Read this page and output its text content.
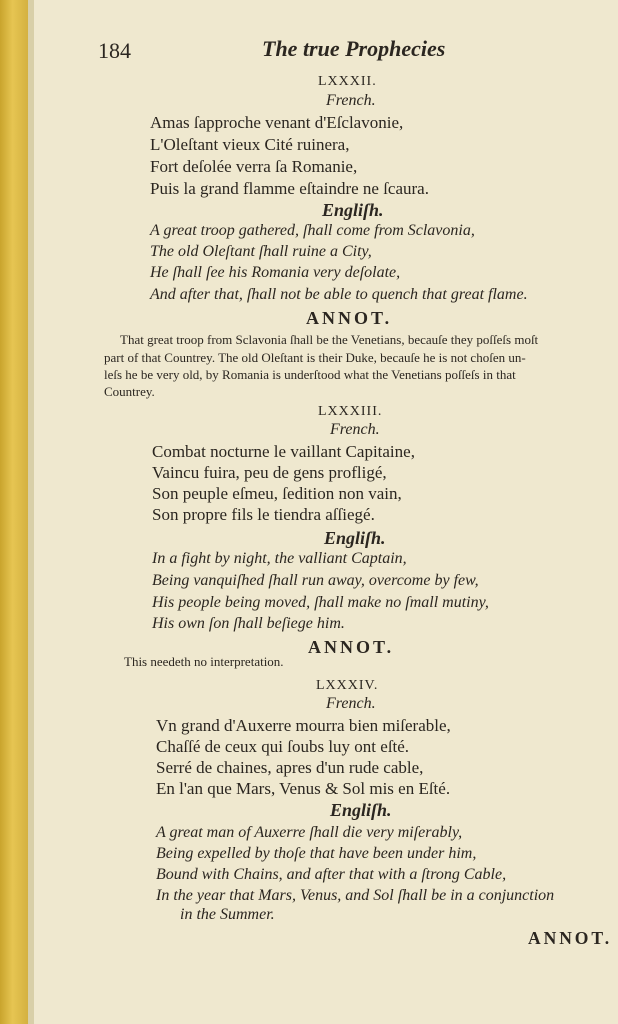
184	The true Prophecies
LXXXII.
French.
Amas ſapproche venant d'Eſclavonie,
L'Oleſtant vieux Cité ruinera,
Fort deſolée verra ſa Romanie,
Puis la grand flamme eſtaindre ne ſcaura.
Engliſh.
A great troop gathered, ſhall come from Sclavonia,
The old Oleſtant ſhall ruine a City,
He ſhall ſee his Romania very deſolate,
And after that, ſhall not be able to quench that great flame.
ANNOT.
That great troop from Sclavonia ſhall be the Venetians, becauſe they poſſeſs moſt
part of that Countrey. The old Oleſtant is their Duke, becauſe he is not choſen un-
leſs he be very old, by Romania is underſtood what the Venetians poſſeſs in that
Countrey.
LXXXIII.
French.
Combat nocturne le vaillant Capitaine,
Vaincu fuira, peu de gens profligé,
Son peuple eſmeu, ſedition non vain,
Son propre fils le tiendra aſſiegé.
Engliſh.
In a fight by night, the valliant Captain,
Being vanquiſhed ſhall run away, overcome by few,
His people being moved, ſhall make no ſmall mutiny,
His own ſon ſhall beſiege him.
ANNOT.
This needeth no interpretation.
LXXXIV.
French.
Vn grand d'Auxerre mourra bien miſerable,
Chaſſé de ceux qui ſoubs luy ont eſté.
Serré de chaines, apres d'un rude cable,
En l'an que Mars, Venus & Sol mis en Eſté.
Engliſh.
A great man of Auxerre ſhall die very miſerably,
Being expelled by thoſe that have been under him,
Bound with Chains, and after that with a ſtrong Cable,
In the year that Mars, Venus, and Sol ſhall be in a conjunction
in the Summer.
ANNOT.
